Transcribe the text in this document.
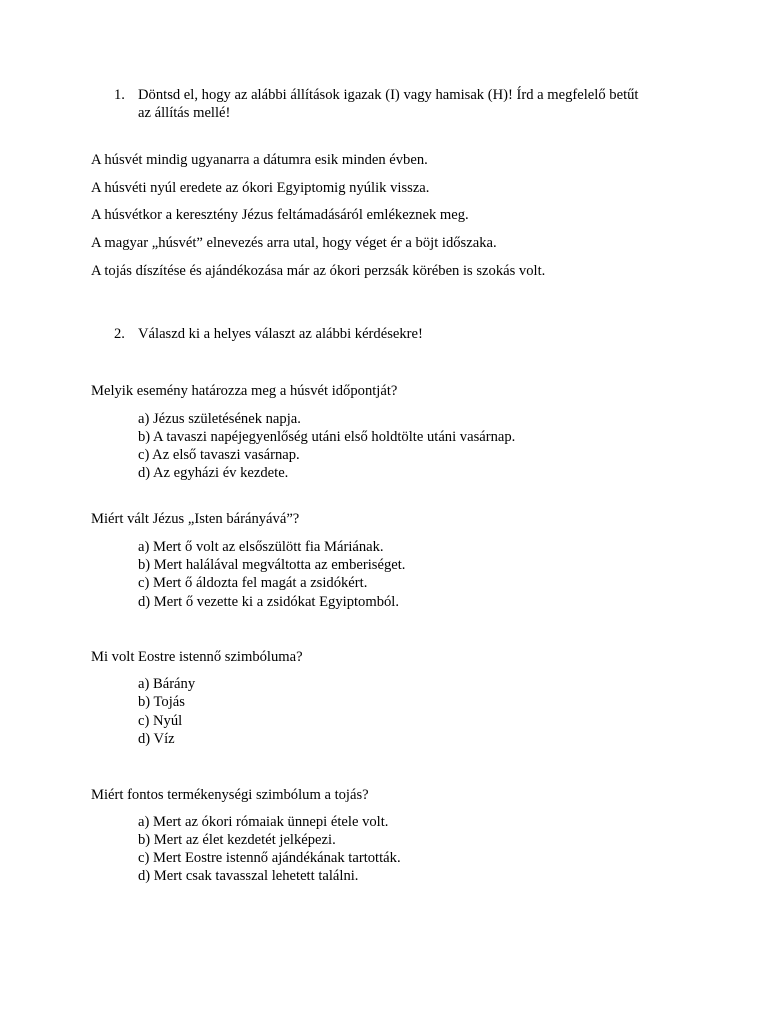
1. Döntsd el, hogy az alábbi állítások igazak (I) vagy hamisak (H)! Írd a megfelelő betűt
az állítás mellé!
A húsvét mindig ugyanarra a dátumra esik minden évben.
A húsvéti nyúl eredete az ókori Egyiptomig nyúlik vissza.
A húsvétkor a keresztény Jézus feltámadásáról emlékeznek meg.
A magyar „húsvét” elnevezés arra utal, hogy véget ér a böjt időszaka.
A tojás díszítése és ajándékozása már az ókori perzsák körében is szokás volt.
2. Válaszd ki a helyes választ az alábbi kérdésekre!
Melyik esemény határozza meg a húsvét időpontját?
a) Jézus születésének napja.
b) A tavaszi napéjegyenlőség utáni első holdtölte utáni vasárnap.
c) Az első tavaszi vasárnap.
d) Az egyházi év kezdete.
Miért vált Jézus „Isten bárányává”?
a) Mert ő volt az elsőszülött fia Máriának.
b) Mert halálával megváltotta az emberiséget.
c) Mert ő áldozta fel magát a zsidókért.
d) Mert ő vezette ki a zsidókat Egyiptomból.
Mi volt Eostre istennő szimbóluma?
a) Bárány
b) Tojás
c) Nyúl
d) Víz
Miért fontos termékenységi szimbólum a tojás?
a) Mert az ókori rómaiak ünnepi étele volt.
b) Mert az élet kezdetét jelképezi.
c) Mert Eostre istennő ajándékának tartották.
d) Mert csak tavasszal lehetett találni.
